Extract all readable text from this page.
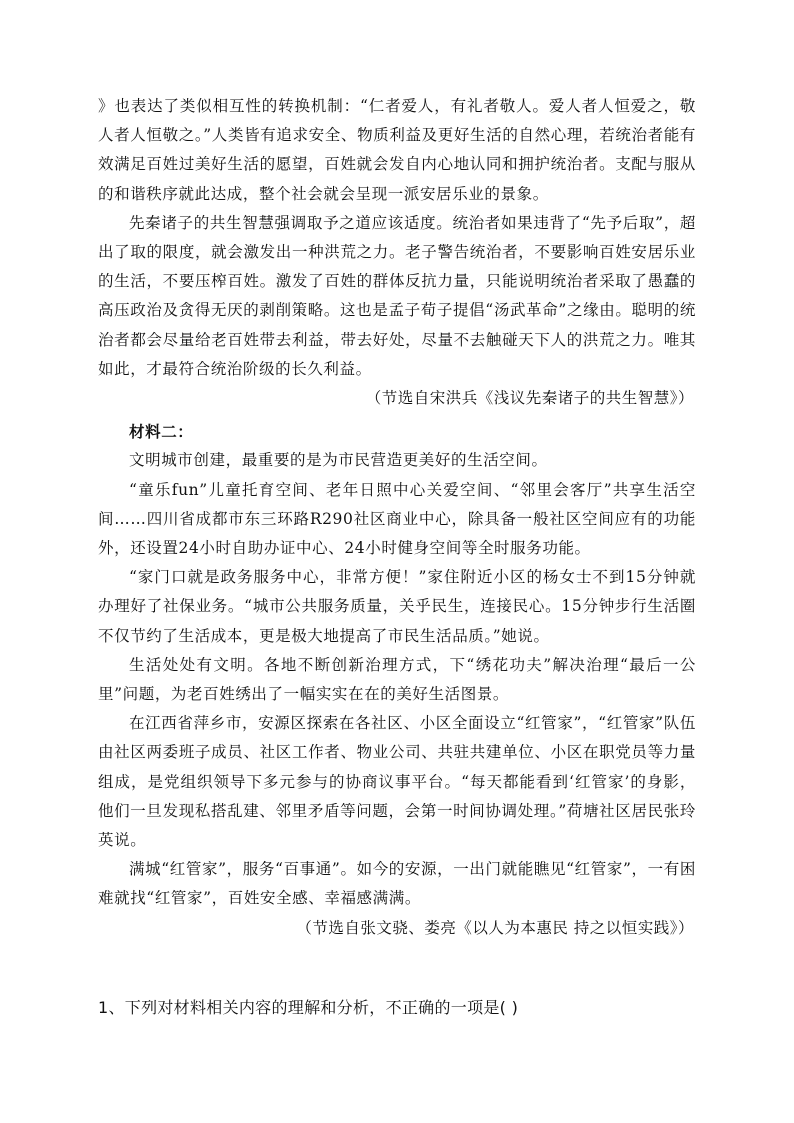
》也表达了类似相互性的转换机制：“仁者爱人，有礼者敬人。爱人者人恒爱之，敬人者人恒敬之。”人类皆有追求安全、物质利益及更好生活的自然心理，若统治者能有效满足百姓过美好生活的愿望，百姓就会发自内心地认同和拥护统治者。支配与服从的和谐秩序就此达成，整个社会就会呈现一派安居乐业的景象。

先秦诸子的共生智慧强调取予之道应该适度。统治者如果违背了“先予后取”，超出了取的限度，就会激发出一种洪荒之力。老子警告统治者，不要影响百姓安居乐业的生活，不要压榨百姓。激发了百姓的群体反抗力量，只能说明统治者采取了愚蠢的高压政治及贪得无厌的剥削策略。这也是孟子荀子提倡“汤武革命”之缘由。聪明的统治者都会尽量给老百姓带去利益，带去好处，尽量不去触碰天下人的洪荒之力。唯其如此，才最符合统治阶级的长久利益。

（节选自宋洪兵《浅议先秦诸子的共生智慧》）

材料二：

文明城市创建，最重要的是为市民营造更美好的生活空间。

“童乐fun”儿童托育空间、老年日照中心关爱空间、“邻里会客厅”共享生活空间……四川省成都市东三环路R290社区商业中心，除具备一般社区空间应有的功能外，还设置24小时自助办证中心、24小时健身空间等全时服务功能。

“家门口就是政务服务中心，非常方便！”家住附近小区的杨女士不到15分钟就办理好了社保业务。“城市公共服务质量，关乎民生，连接民心。15分钟步行生活圈不仅节约了生活成本，更是极大地提高了市民生活品质。”她说。

生活处处有文明。各地不断创新治理方式，下“绣花功夫”解决治理“最后一公里”问题，为老百姓绣出了一幅实实在在的美好生活图景。

在江西省萍乡市，安源区探索在各社区、小区全面设立“红管家”，“红管家”队伍由社区两委班子成员、社区工作者、物业公司、共驻共建单位、小区在职党员等力量组成，是党组织领导下多元参与的协商议事平台。“每天都能看到‘红管家’的身影，他们一旦发现私搭乱建、邻里矛盾等问题，会第一时间协调处理。”荷塘社区居民张玲英说。

满城“红管家”，服务“百事通”。如今的安源，一出门就能瞧见“红管家”，一有困难就找“红管家”，百姓安全感、幸福感满满。

（节选自张文骁、娄亮《以人为本惠民 持之以恒实践》）

1、下列对材料相关内容的理解和分析，不正确的一项是( )
